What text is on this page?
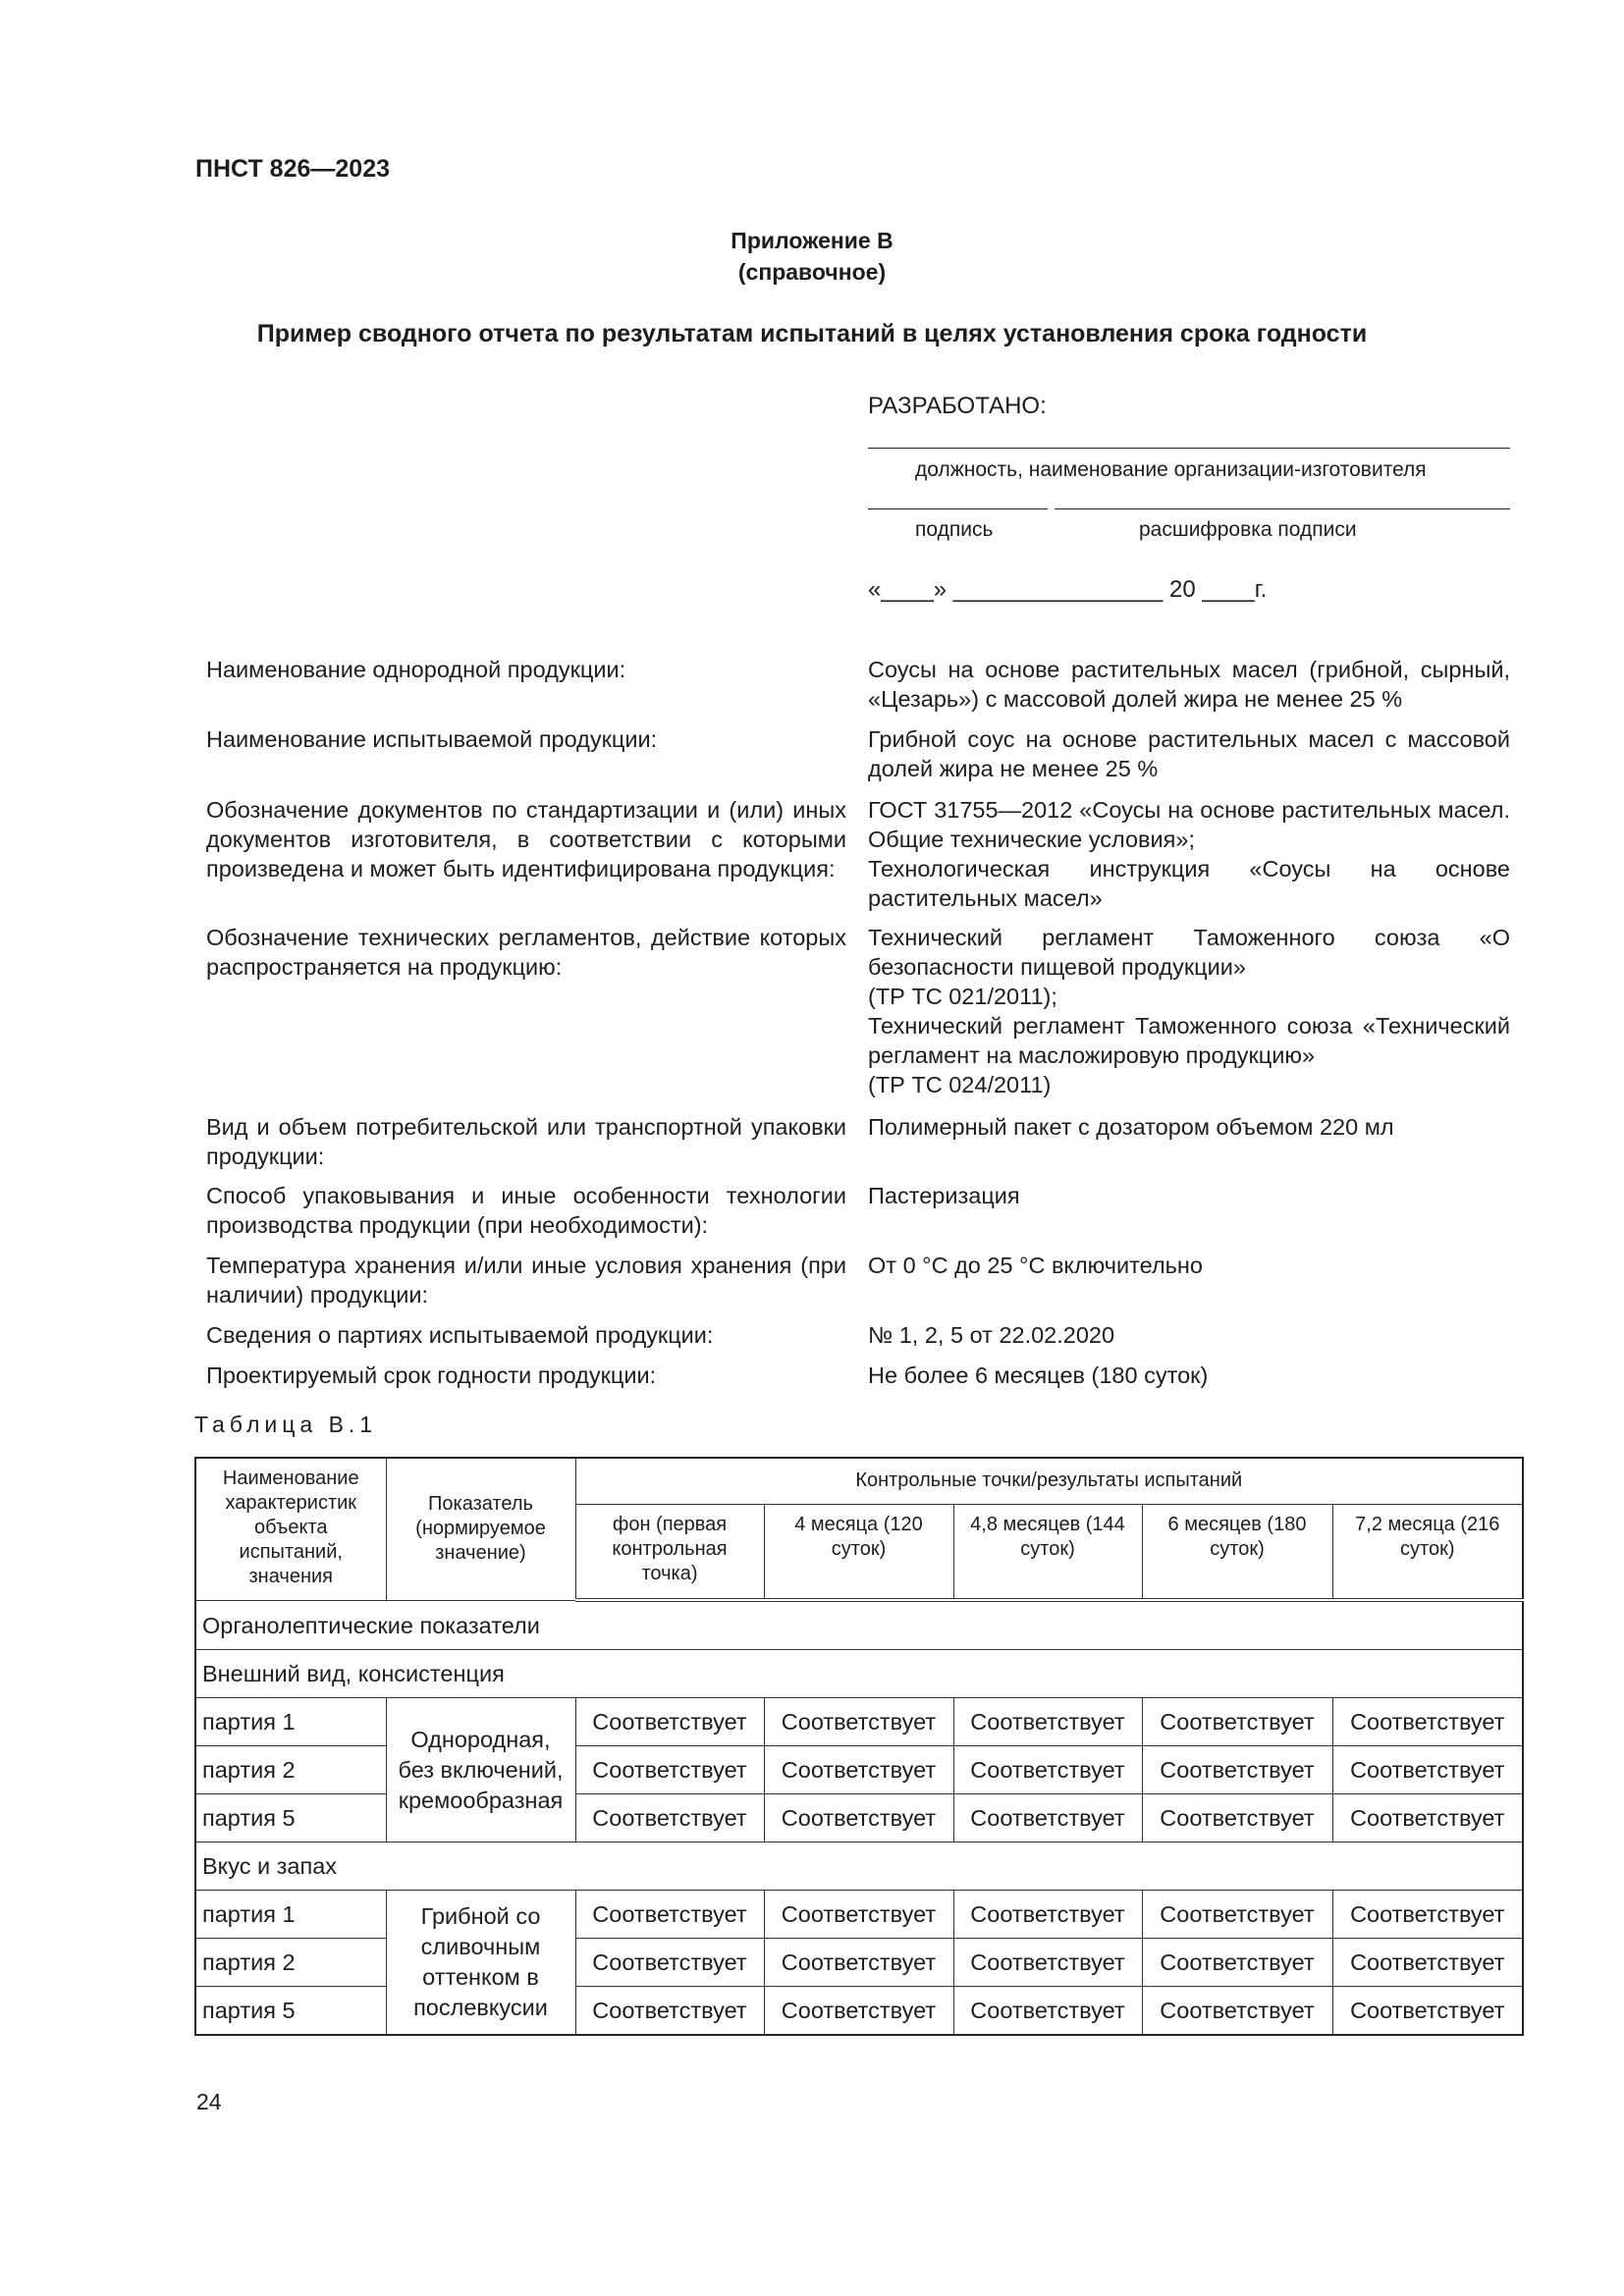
ПНСТ 826—2023
Приложение В
(справочное)
Пример сводного отчета по результатам испытаний в целях установления срока годности
РАЗРАБОТАНО:
должность, наименование организации-изготовителя
подпись	расшифровка подписи
«____» ________________ 20 ____г.
Наименование однородной продукции:	Соусы на основе растительных масел (грибной, сырный, «Цезарь») с массовой долей жира не менее 25 %
Наименование испытываемой продукции:	Грибной соус на основе растительных масел с массовой долей жира не менее 25 %
Обозначение документов по стандартизации и (или) иных документов изготовителя, в соответствии с которыми произведена и может быть идентифицирована продукция:
ГОСТ 31755—2012 «Соусы на основе растительных масел. Общие технические условия»;
Технологическая инструкция «Соусы на основе растительных масел»
Обозначение технических регламентов, действие которых распространяется на продукцию:
Технический регламент Таможенного союза «О безопасности пищевой продукции»
(ТР ТС 021/2011);
Технический регламент Таможенного союза «Технический регламент на масложировую продукцию»
(ТР ТС 024/2011)
Вид и объем потребительской или транспортной упаковки продукции:
Полимерный пакет с дозатором объемом 220 мл
Способ упаковывания и иные особенности технологии производства продукции (при необходимости):
Пастеризация
Температура хранения и/или иные условия хранения (при наличии) продукции:
От 0 °С до 25 °С включительно
Сведения о партиях испытываемой продукции:	№ 1, 2, 5 от 22.02.2020
Проектируемый срок годности продукции:	Не более 6 месяцев (180 суток)
Таблица В.1
Наименование характеристик объекта испытаний, значения	Показатель (нормируемое значение)	Контрольные точки/результаты испытаний				
		фон (первая контрольная точка)	4 месяца (120 суток)	4,8 месяцев (144 суток)	6 месяцев (180 суток)	7,2 месяца (216 суток)
Органолептические показатели						
Внешний вид, консистенция						
партия 1	Однородная, без включений, кремообразная	Соответствует	Соответствует	Соответствует	Соответствует	Соответствует
партия 2		Соответствует	Соответствует	Соответствует	Соответствует	Соответствует
партия 5		Соответствует	Соответствует	Соответствует	Соответствует	Соответствует
Вкус и запах						
партия 1	Грибной со сливочным оттенком в послевкусии	Соответствует	Соответствует	Соответствует	Соответствует	Соответствует
партия 2		Соответствует	Соответствует	Соответствует	Соответствует	Соответствует
партия 5		Соответствует	Соответствует	Соответствует	Соответствует	Соответствует
24
